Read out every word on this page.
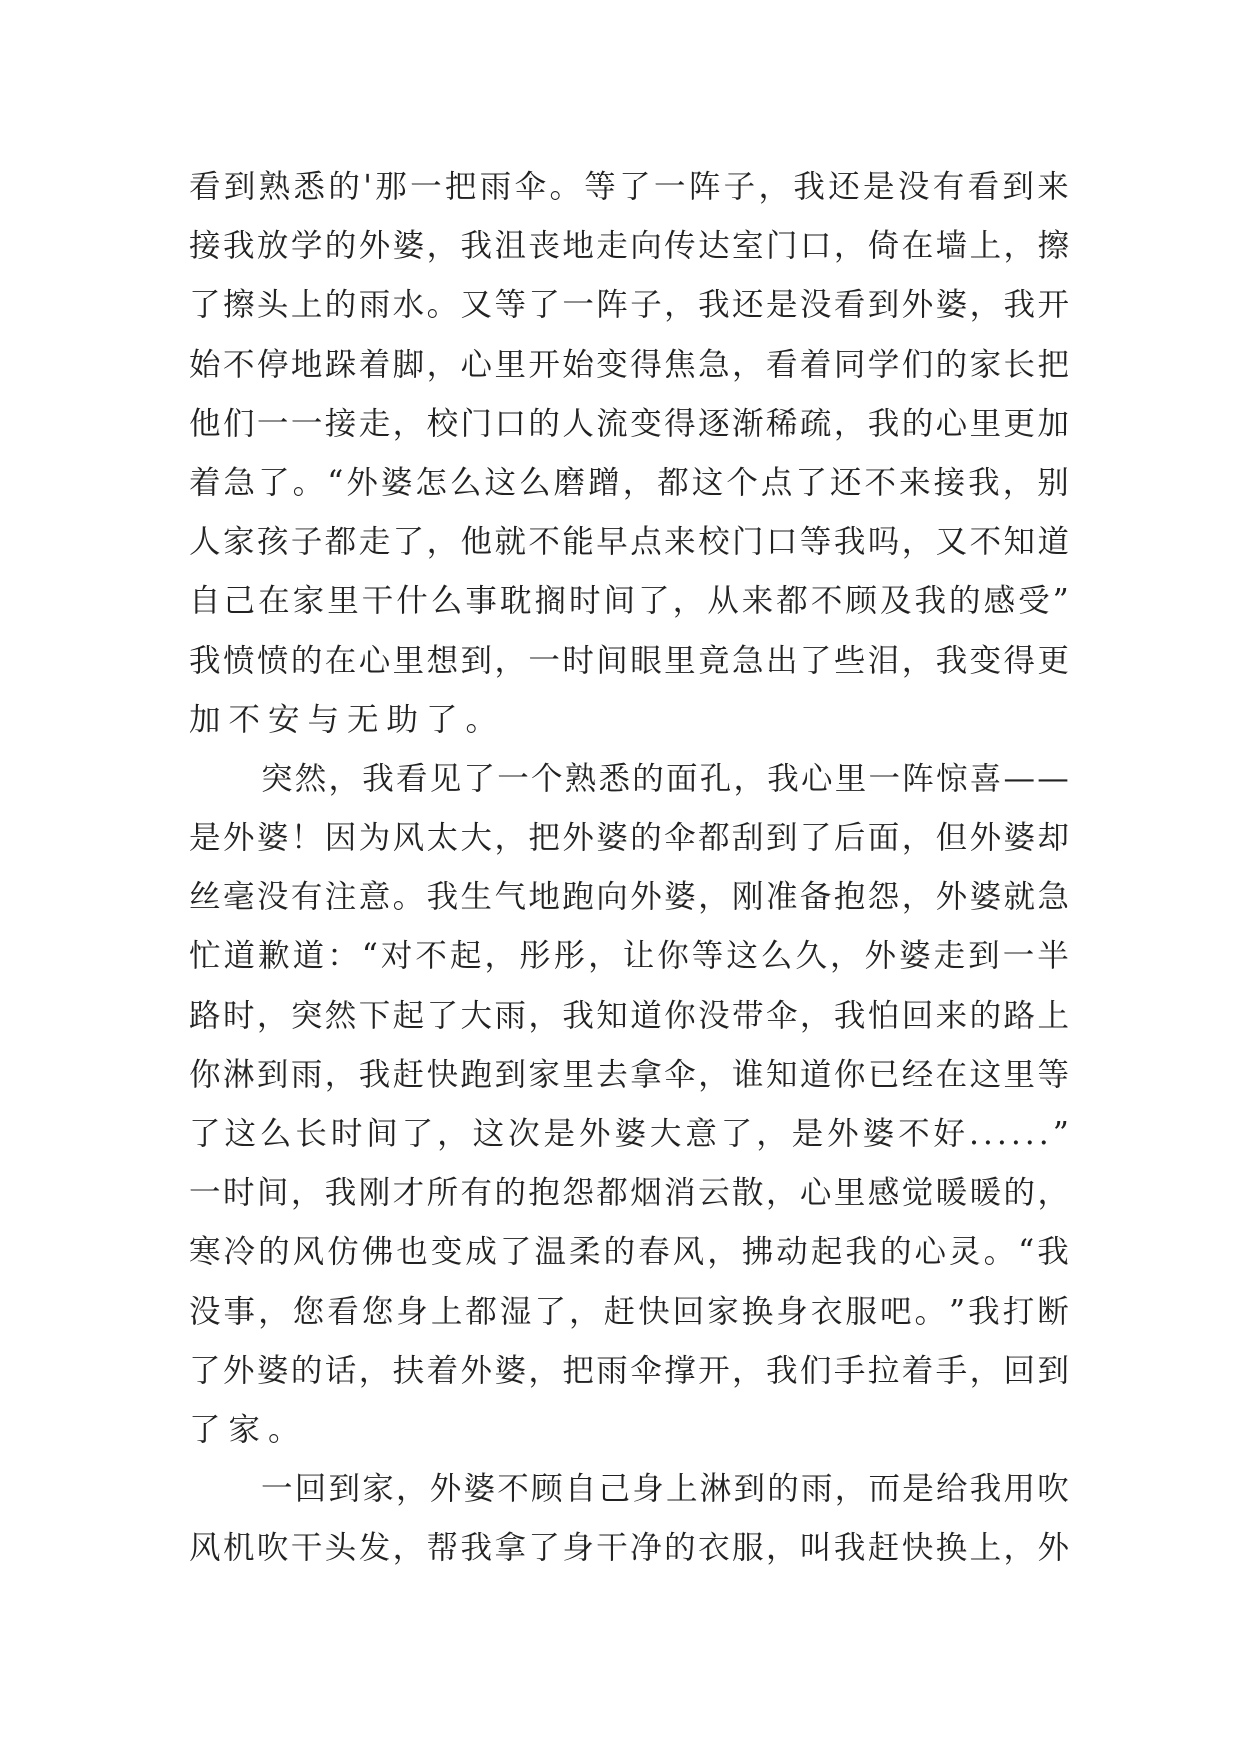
看 到 熟 悉 的 ' 那 一 把 雨 伞 。 等 了 一 阵 子 ， 我 还 是 没 有 看 到 来
接 我 放 学 的 外 婆 ， 我 沮 丧 地 走 向 传 达 室 门 口 ， 倚 在 墙 上 ， 擦
了 擦 头 上 的 雨 水 。 又 等 了 一 阵 子 ， 我 还 是 没 看 到 外 婆 ， 我 开
始 不 停 地 跺 着 脚 ， 心 里 开 始 变 得 焦 急 ， 看 着 同 学 们 的 家 长 把
他 们 一 一 接 走 ， 校 门 口 的 人 流 变 得 逐 渐 稀 疏 ， 我 的 心 里 更 加
着 急 了 。 “ 外 婆 怎 么 这 么 磨 蹭 ， 都 这 个 点 了 还 不 来 接 我 ， 别
人 家 孩 子 都 走 了 ， 他 就 不 能 早 点 来 校 门 口 等 我 吗 ， 又 不 知 道
自 己 在 家 里 干 什 么 事 耽 搁 时 间 了 ， 从 来 都 不 顾 及 我 的 感 受 ”
我 愤 愤 的 在 心 里 想 到 ， 一 时 间 眼 里 竟 急 出 了 些 泪 ， 我 变 得 更
加不安与无助了。
突 然 ， 我 看 见 了 一 个 熟 悉 的 面 孔 ， 我 心 里 一 阵 惊 喜 — —
是 外 婆 ！ 因 为 风 太 大 ， 把 外 婆 的 伞 都 刮 到 了 后 面 ， 但 外 婆 却
丝 毫 没 有 注 意 。 我 生 气 地 跑 向 外 婆 ， 刚 准 备 抱 怨 ， 外 婆 就 急
忙 道 歉 道 ： “ 对 不 起 ， 彤 彤 ， 让 你 等 这 么 久 ， 外 婆 走 到 一 半
路 时 ， 突 然 下 起 了 大 雨 ， 我 知 道 你 没 带 伞 ， 我 怕 回 来 的 路 上
你 淋 到 雨 ， 我 赶 快 跑 到 家 里 去 拿 伞 ， 谁 知 道 你 已 经 在 这 里 等
了 这 么 长 时 间 了 ， 这 次 是 外 婆 大 意 了 ， 是 外 婆 不 好 . . . . . . ”
一 时 间 ， 我 刚 才 所 有 的 抱 怨 都 烟 消 云 散 ， 心 里 感 觉 暖 暖 的 ，
寒 冷 的 风 仿 佛 也 变 成 了 温 柔 的 春 风 ， 拂 动 起 我 的 心 灵 。 “ 我
没 事 ， 您 看 您 身 上 都 湿 了 ， 赶 快 回 家 换 身 衣 服 吧 。 ” 我 打 断
了 外 婆 的 话 ， 扶 着 外 婆 ， 把 雨 伞 撑 开 ， 我 们 手 拉 着 手 ， 回 到
了家。
一 回 到 家 ， 外 婆 不 顾 自 己 身 上 淋 到 的 雨 ， 而 是 给 我 用 吹
风 机 吹 干 头 发 ， 帮 我 拿 了 身 干 净 的 衣 服 ， 叫 我 赶 快 换 上 ， 外
